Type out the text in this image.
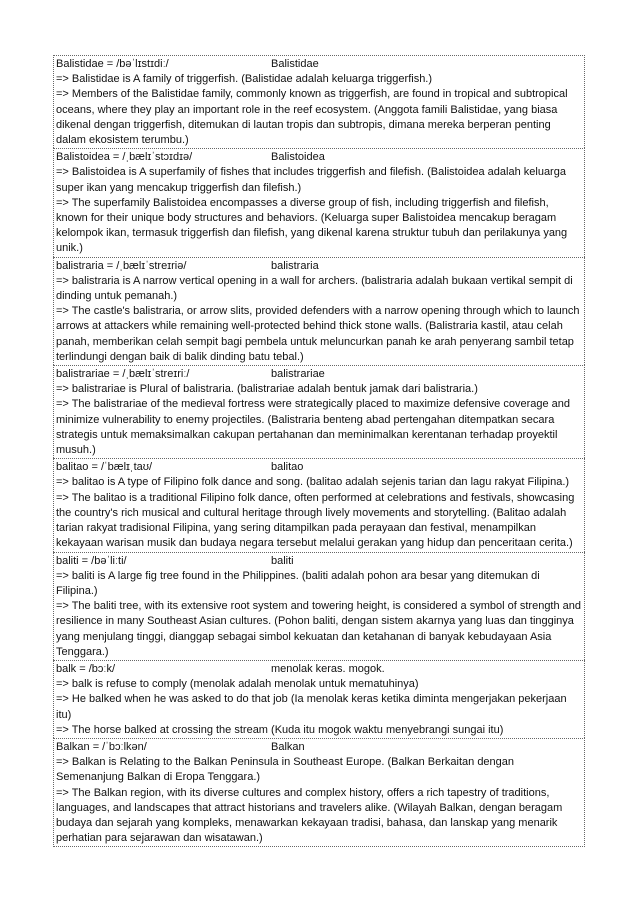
Balistidae = /bəˈlɪstɪdiː/	Balistidae
=> Balistidae is A family of triggerfish. (Balistidae adalah keluarga triggerfish.)
=> Members of the Balistidae family, commonly known as triggerfish, are found in tropical and subtropical oceans, where they play an important role in the reef ecosystem. (Anggota famili Balistidae, yang biasa dikenal dengan triggerfish, ditemukan di lautan tropis dan subtropis, dimana mereka berperan penting dalam ekosistem terumbu.)
Balistoidea = /ˌbælɪˈstɔɪdɪə/	Balistoidea
=> Balistoidea is A superfamily of fishes that includes triggerfish and filefish. (Balistoidea adalah keluarga super ikan yang mencakup triggerfish dan filefish.)
=> The superfamily Balistoidea encompasses a diverse group of fish, including triggerfish and filefish, known for their unique body structures and behaviors. (Keluarga super Balistoidea mencakup beragam kelompok ikan, termasuk triggerfish dan filefish, yang dikenal karena struktur tubuh dan perilakunya yang unik.)
balistraria = /ˌbælɪˈstreɪriə/	balistraria
=> balistraria is A narrow vertical opening in a wall for archers. (balistraria adalah bukaan vertikal sempit di dinding untuk pemanah.)
=> The castle's balistraria, or arrow slits, provided defenders with a narrow opening through which to launch arrows at attackers while remaining well-protected behind thick stone walls. (Balistraria kastil, atau celah panah, memberikan celah sempit bagi pembela untuk meluncurkan panah ke arah penyerang sambil tetap terlindungi dengan baik di balik dinding batu tebal.)
balistrariae = /ˌbælɪˈstreɪriː/	balistrariae
=> balistrariae is Plural of balistraria. (balistrariae adalah bentuk jamak dari balistraria.)
=> The balistrariae of the medieval fortress were strategically placed to maximize defensive coverage and minimize vulnerability to enemy projectiles. (Balistraria benteng abad pertengahan ditempatkan secara strategis untuk memaksimalkan cakupan pertahanan dan meminimalkan kerentanan terhadap proyektil musuh.)
balitao = /ˈbælɪˌtaʊ/	balitao
=> balitao is A type of Filipino folk dance and song. (balitao adalah sejenis tarian dan lagu rakyat Filipina.)
=> The balitao is a traditional Filipino folk dance, often performed at celebrations and festivals, showcasing the country's rich musical and cultural heritage through lively movements and storytelling. (Balitao adalah tarian rakyat tradisional Filipina, yang sering ditampilkan pada perayaan dan festival, menampilkan kekayaan warisan musik dan budaya negara tersebut melalui gerakan yang hidup dan penceritaan cerita.)
baliti = /bəˈliːti/	baliti
=> baliti is A large fig tree found in the Philippines. (baliti adalah pohon ara besar yang ditemukan di Filipina.)
=> The baliti tree, with its extensive root system and towering height, is considered a symbol of strength and resilience in many Southeast Asian cultures. (Pohon baliti, dengan sistem akarnya yang luas dan tingginya yang menjulang tinggi, dianggap sebagai simbol kekuatan dan ketahanan di banyak kebudayaan Asia Tenggara.)
balk = /bɔːk/	menolak keras. mogok.
=> balk is refuse to comply (menolak adalah menolak untuk mematuhinya)
=> He balked when he was asked to do that job (Ia menolak keras ketika diminta mengerjakan pekerjaan itu)
=> The horse balked at crossing the stream (Kuda itu mogok waktu menyebrangi sungai itu)
Balkan = /ˈbɔːlkən/	Balkan
=> Balkan is Relating to the Balkan Peninsula in Southeast Europe. (Balkan Berkaitan dengan Semenanjung Balkan di Eropa Tenggara.)
=> The Balkan region, with its diverse cultures and complex history, offers a rich tapestry of traditions, languages, and landscapes that attract historians and travelers alike. (Wilayah Balkan, dengan beragam budaya dan sejarah yang kompleks, menawarkan kekayaan tradisi, bahasa, dan lanskap yang menarik perhatian para sejarawan dan wisatawan.)
